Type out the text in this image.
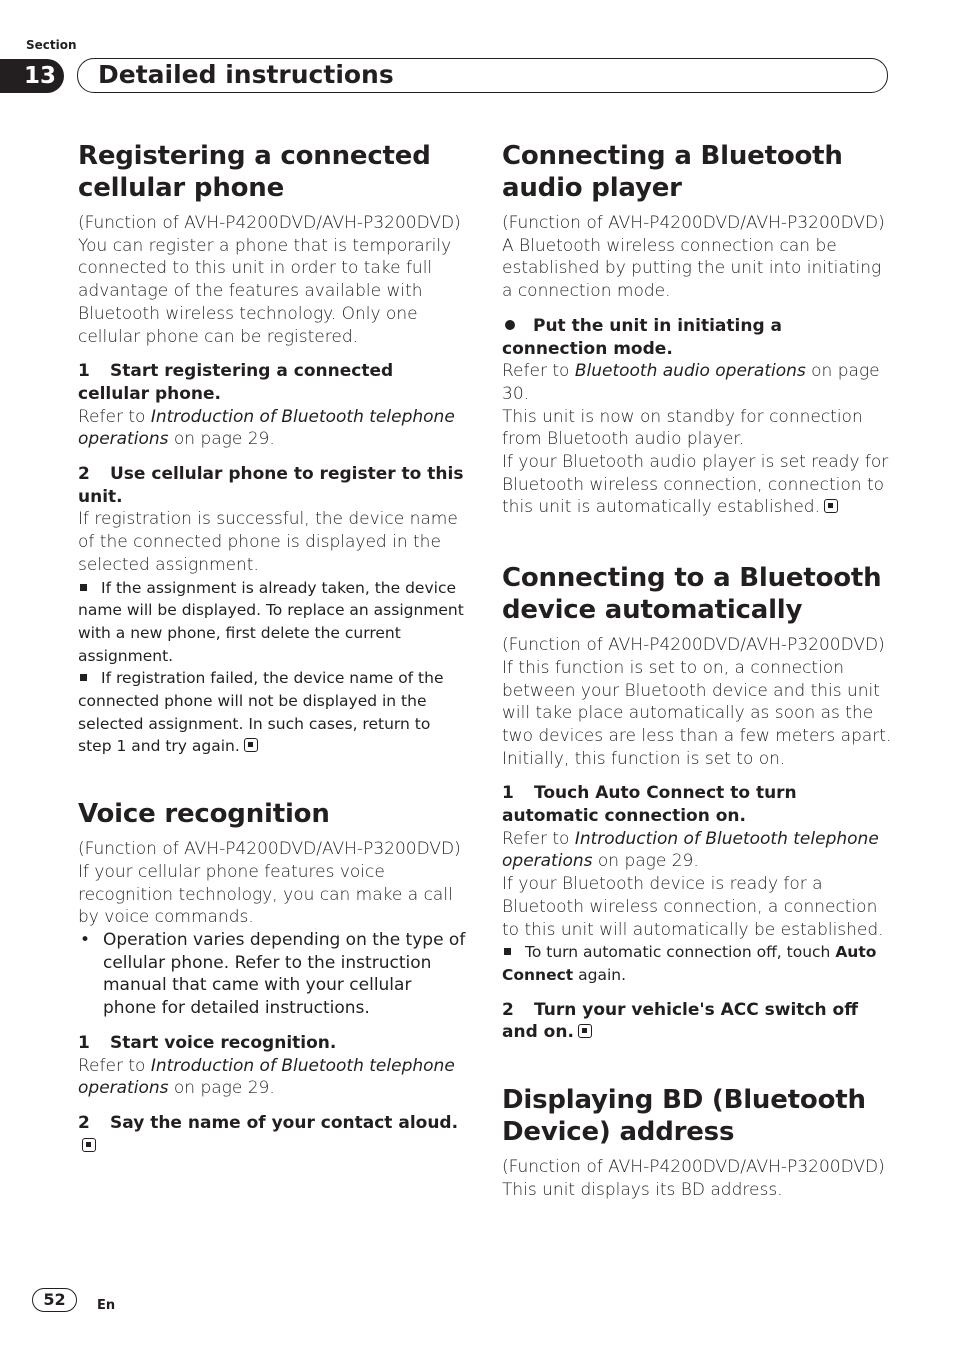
Section
13	Detailed instructions
Registering a connected cellular phone

(Function of AVH-P4200DVD/AVH-P3200DVD)

You can register a phone that is temporarily connected to this unit in order to take full advantage of the features available with Bluetooth wireless technology. Only one cellular phone can be registered.

1 Start registering a connected cellular phone.

Refer to Introduction of Bluetooth telephone operations on page 29.

2 Use cellular phone to register to this unit.

If registration is successful, the device name of the connected phone is displayed in the selected assignment.

If the assignment is already taken, the device name will be displayed. To replace an assignment with a new phone, first delete the current assignment.
If registration failed, the device name of the connected phone will not be displayed in the selected assignment. In such cases, return to step 1 and try again.
Voice recognition

(Function of AVH-P4200DVD/AVH-P3200DVD)

If your cellular phone features voice recognition technology, you can make a call by voice commands.

• Operation varies depending on the type of cellular phone. Refer to the instruction manual that came with your cellular phone for detailed instructions.
1 Start voice recognition.

Refer to Introduction of Bluetooth telephone operations on page 29.

2 Say the name of your contact aloud.
Connecting a Bluetooth audio player

(Function of AVH-P4200DVD/AVH-P3200DVD)

A Bluetooth wireless connection can be established by putting the unit into initiating a connection mode.

Put the unit in initiating a connection mode.

Refer to Bluetooth audio operations on page 30.

This unit is now on standby for connection from Bluetooth audio player.

If your Bluetooth audio player is set ready for Bluetooth wireless connection, connection to this unit is automatically established.

Connecting to a Bluetooth device automatically

(Function of AVH-P4200DVD/AVH-P3200DVD)

If this function is set to on, a connection between your Bluetooth device and this unit will take place automatically as soon as the two devices are less than a few meters apart.

Initially, this function is set to on.

1 Touch Auto Connect to turn automatic connection on.

Refer to Introduction of Bluetooth telephone operations on page 29.

If your Bluetooth device is ready for a Bluetooth wireless connection, a connection to this unit will automatically be established.

To turn automatic connection off, touch Auto Connect again.
2 Turn your vehicle's ACC switch off and on.
Displaying BD (Bluetooth Device) address

(Function of AVH-P4200DVD/AVH-P3200DVD)

This unit displays its BD address.

52	En
